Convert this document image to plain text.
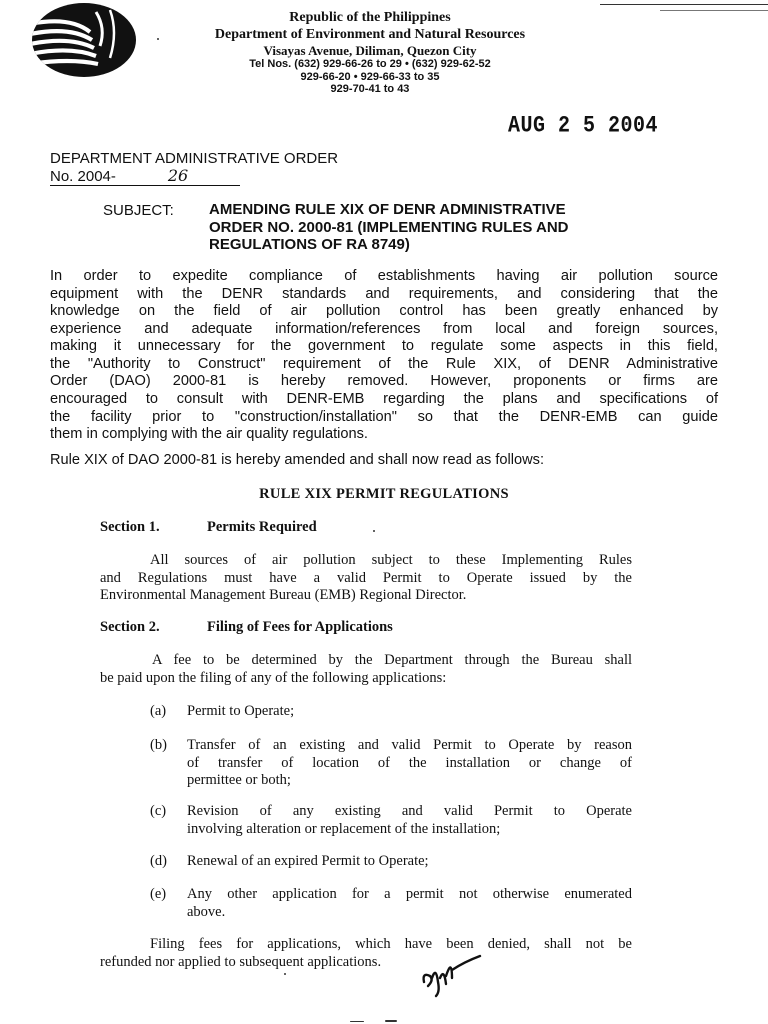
Republic of the Philippines
Department of Environment and Natural Resources
Visayas Avenue, Diliman, Quezon City
Tel Nos. (632) 929-66-26 to 29 • (632) 929-62-52
929-66-20 • 929-66-33 to 35
929-70-41 to 43
AUG 2 5 2004
DEPARTMENT ADMINISTRATIVE ORDER
No. 2004-	26
SUBJECT: AMENDING RULE XIX OF DENR ADMINISTRATIVE
ORDER NO. 2000-81 (IMPLEMENTING RULES AND
REGULATIONS OF RA 8749)
In order to expedite compliance of establishments having air pollution source
equipment with the DENR standards and requirements, and considering that the
knowledge on the field of air pollution control has been greatly enhanced by
experience and adequate information/references from local and foreign sources,
making it unnecessary for the government to regulate some aspects in this field,
the "Authority to Construct" requirement of the Rule XIX, of DENR Administrative
Order (DAO) 2000-81 is hereby removed. However, proponents or firms are
encouraged to consult with DENR-EMB regarding the plans and specifications of
the facility prior to "construction/installation" so that the DENR-EMB can guide
them in complying with the air quality regulations.
Rule XIX of DAO 2000-81 is hereby amended and shall now read as follows:
RULE XIX PERMIT REGULATIONS
Section 1.	Permits Required
All sources of air pollution subject to these Implementing Rules
and Regulations must have a valid Permit to Operate issued by the
Environmental Management Bureau (EMB) Regional Director.
Section 2.	Filing of Fees for Applications
A fee to be determined by the Department through the Bureau shall
be paid upon the filing of any of the following applications:
(a) Permit to Operate;
(b) Transfer of an existing and valid Permit to Operate by reason
of transfer of location of the installation or change of
permittee or both;
(c) Revision of any existing and valid Permit to Operate
involving alteration or replacement of the installation;
(d) Renewal of an expired Permit to Operate;
(e) Any other application for a permit not otherwise enumerated
above.
Filing fees for applications, which have been denied, shall not be
refunded nor applied to subsequent applications.
